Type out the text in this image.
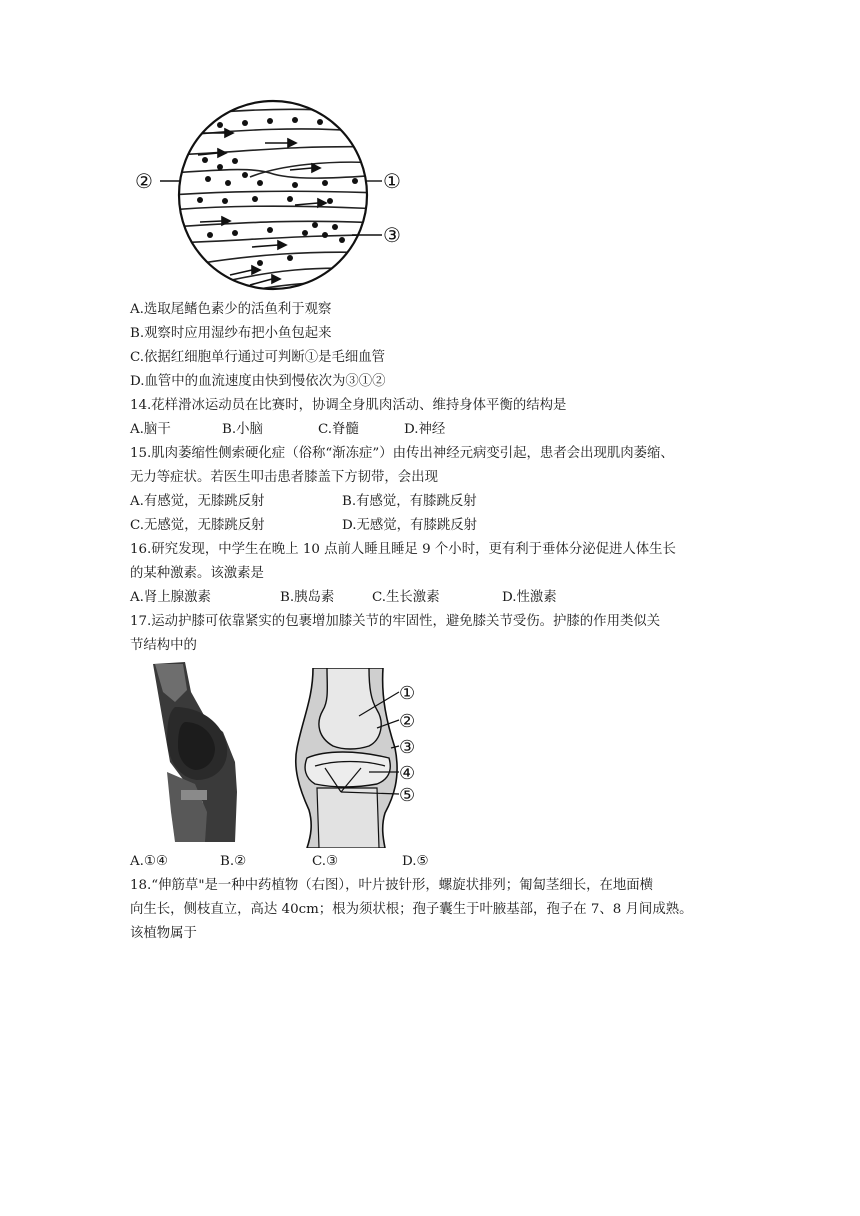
②	①
③
A.选取尾鳍色素少的活鱼利于观察
B.观察时应用湿纱布把小鱼包起来
C.依据红细胞单行通过可判断①是毛细血管
D.血管中的血流速度由快到慢依次为③①②
14.花样滑冰运动员在比赛时，协调全身肌肉活动、维持身体平衡的结构是
A.脑干	B.小脑	C.脊髓	D.神经
15.肌肉萎缩性侧索硬化症（俗称“渐冻症”）由传出神经元病变引起，患者会出现肌肉萎缩、
无力等症状。若医生叩击患者膝盖下方韧带，会出现
A.有感觉，无膝跳反射	B.有感觉，有膝跳反射
C.无感觉，无膝跳反射	D.无感觉，有膝跳反射
16.研究发现，中学生在晚上 10 点前人睡且睡足 9 个小时，更有利于垂体分泌促进人体生长
的某种激素。该激素是
A.肾上腺激素	B.胰岛素	C.生长激素	D.性激素
17.运动护膝可依靠紧实的包裹增加膝关节的牢固性，避免膝关节受伤。护膝的作用类似关
节结构中的
①
②
③
④
⑤
A.①④	B.②	C.③	D.⑤
18.“伸筋草"是一种中药植物（右图），叶片披针形，螺旋状排列；匍匐茎细长，在地面横
向生长，侧枝直立，高达 40cm；根为须状根；孢子囊生于叶腋基部，孢子在 7、8 月间成熟。
该植物属于
